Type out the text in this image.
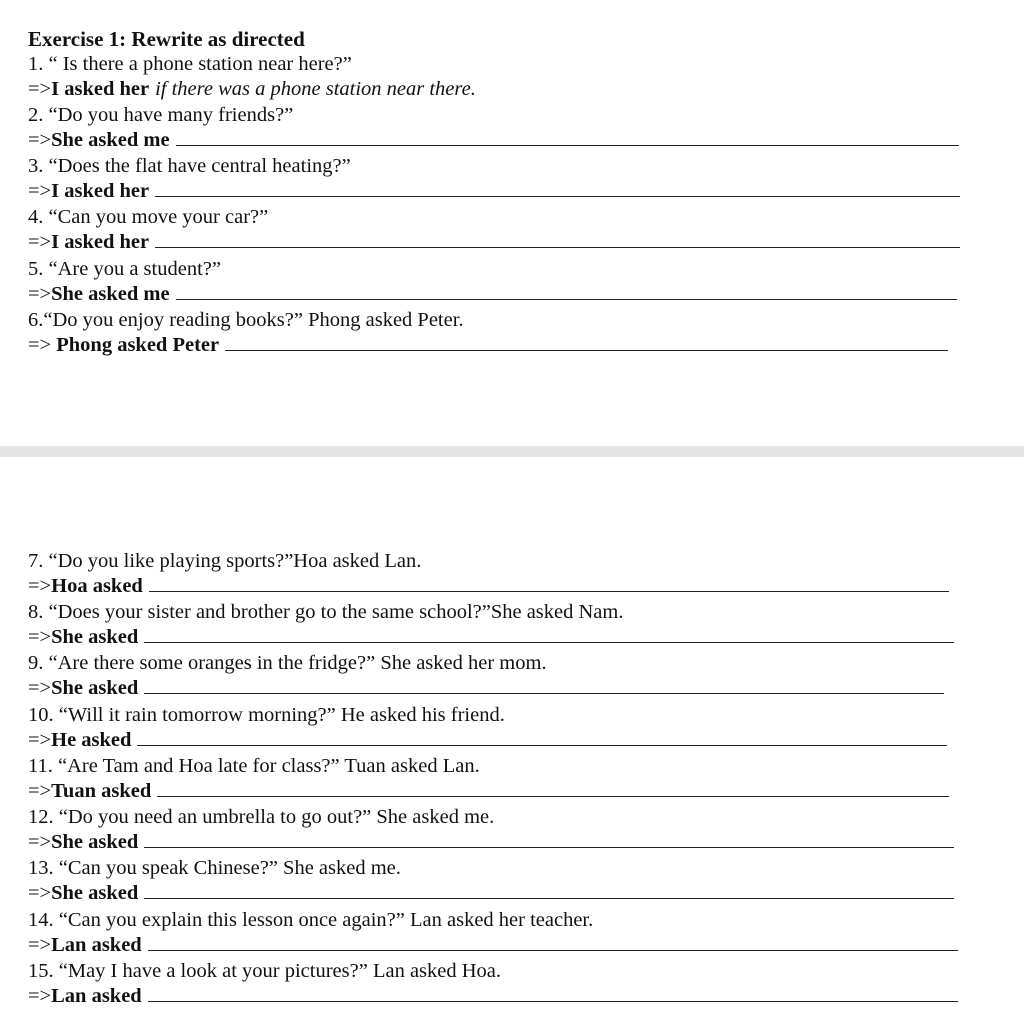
Exercise 1: Rewrite as directed
1. “ Is there a phone station near here?”
=> I asked her if there was a phone station near there.
2. “Do you have many friends?”
=> She asked me
3. “Does the flat have central heating?”
=> I asked her
4. “Can you move your car?”
=> I asked her
5. “Are you a student?”
=> She asked me
6.“Do you enjoy reading books?” Phong asked Peter.
=> Phong asked Peter
7. “Do you like playing sports?”Hoa asked Lan.
=> Hoa asked
8. “Does your sister and brother go to the same school?”She asked Nam.
=> She asked
9. “Are there some oranges in the fridge?” She asked her mom.
=> She asked
10. “Will it rain tomorrow morning?” He asked his friend.
=> He asked
11. “Are Tam and Hoa late for class?” Tuan asked Lan.
=> Tuan asked
12. “Do you need an umbrella to go out?” She asked me.
=> She asked
13. “Can you speak Chinese?” She asked me.
=> She asked
14. “Can you explain this lesson once again?” Lan asked her teacher.
=> Lan asked
15. “May I have a look at your pictures?” Lan asked Hoa.
=> Lan asked
